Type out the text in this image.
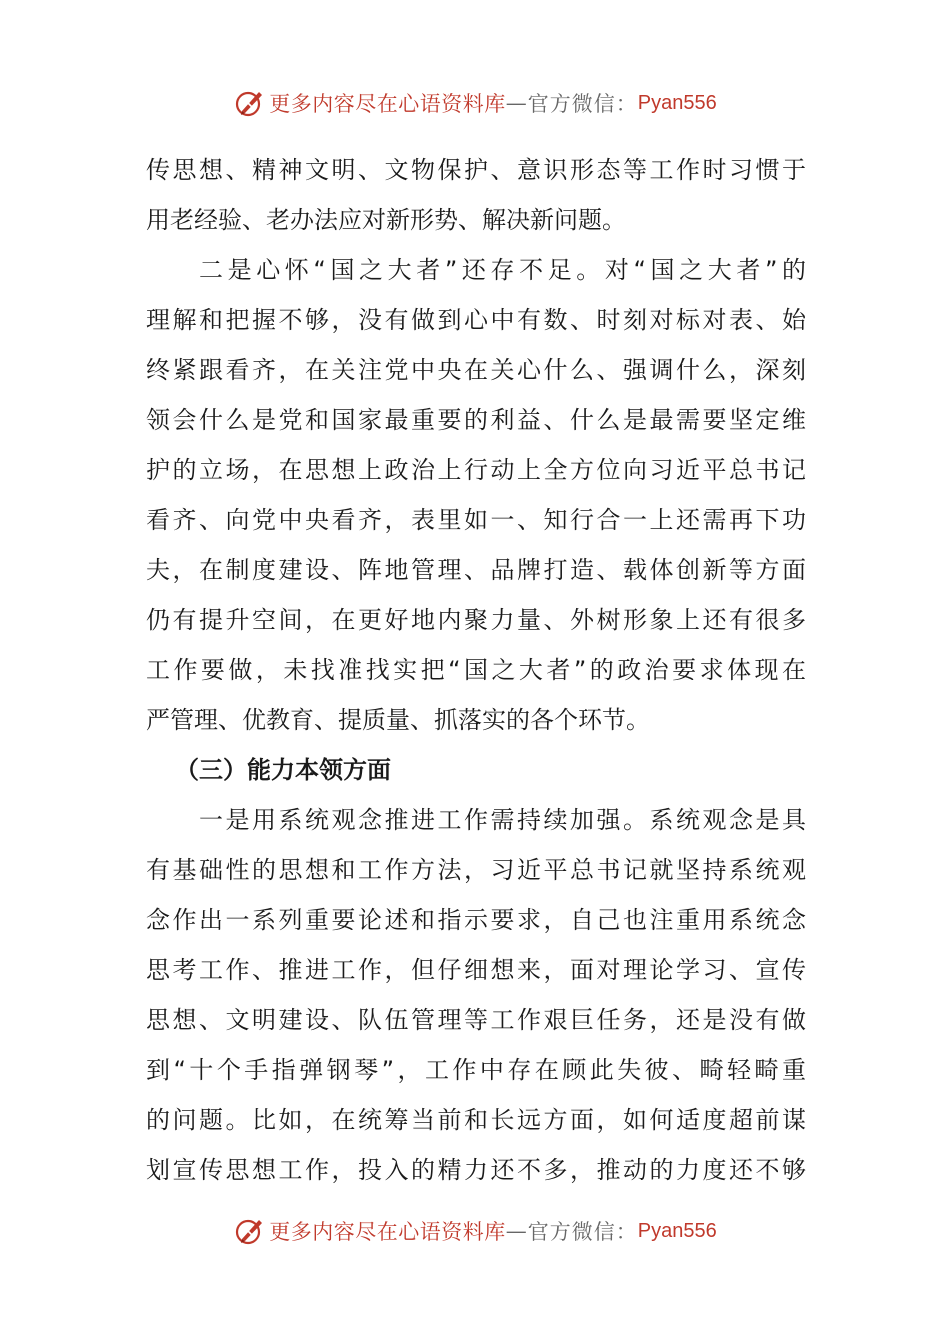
更多内容尽在心语资料库 — 官方微信： Pyan556
传思想、精神文明、文物保护、意识形态等工作时习惯于
用老经验、老办法应对新形势、解决新问题。
二是心怀“国之大者”还存不足。对“国之大者”的
理解和把握不够，没有做到心中有数、时刻对标对表、始
终紧跟看齐，在关注党中央在关心什么、强调什么，深刻
领会什么是党和国家最重要的利益、什么是最需要坚定维
护的立场，在思想上政治上行动上全方位向习近平总书记
看齐、向党中央看齐，表里如一、知行合一上还需再下功
夫，在制度建设、阵地管理、品牌打造、载体创新等方面
仍有提升空间，在更好地内聚力量、外树形象上还有很多
工作要做，未找准找实把“国之大者”的政治要求体现在
严管理、优教育、提质量、抓落实的各个环节。
（三）能力本领方面
一是用系统观念推进工作需持续加强。系统观念是具
有基础性的思想和工作方法，习近平总书记就坚持系统观
念作出一系列重要论述和指示要求，自己也注重用系统念
思考工作、推进工作，但仔细想来，面对理论学习、宣传
思想、文明建设、队伍管理等工作艰巨任务，还是没有做
到“十个手指弹钢琴”，工作中存在顾此失彼、畸轻畸重
的问题。比如，在统筹当前和长远方面，如何适度超前谋
划宣传思想工作，投入的精力还不多，推动的力度还不够
更多内容尽在心语资料库 — 官方微信： Pyan556
